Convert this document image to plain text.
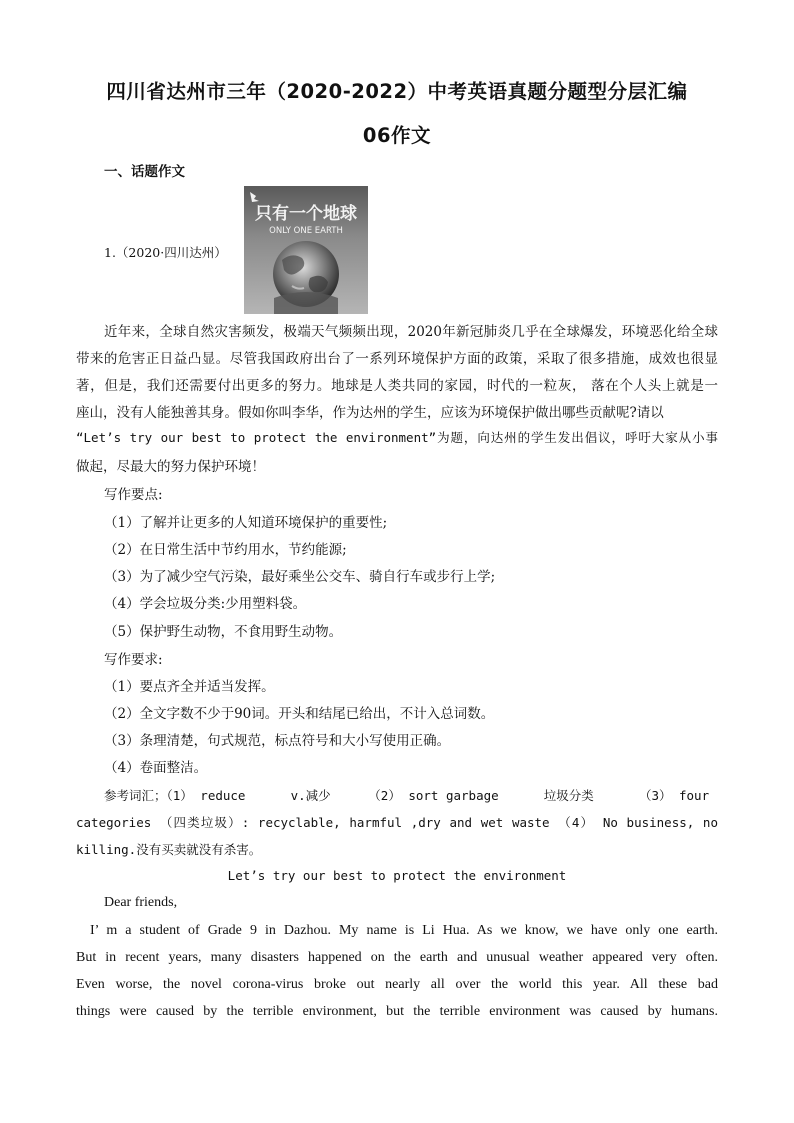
四川省达州市三年（2020-2022）中考英语真题分题型分层汇编
06作文
一、话题作文
1.（2020·四川达州）
只有一个地球
ONLY ONE EARTH
近年来，全球自然灾害频发，极端天气频频出现，2020年新冠肺炎几乎在全球爆发，环境恶化给全球
带来的危害正日益凸显。尽管我国政府出台了一系列环境保护方面的政策，采取了很多措施，成效也很显
著，但是，我们还需要付出更多的努力。地球是人类共同的家园，时代的一粒灰， 落在个人头上就是一
座山，没有人能独善其身。假如你叫李华，作为达州的学生，应该为环境保护做出哪些贡献呢?请以
“Let’s try our best to protect the environment”为题，向达州的学生发出倡议，呼吁大家从小事
做起，尽最大的努力保护环境！
写作要点:
（1）了解并让更多的人知道环境保护的重要性;
（2）在日常生活中节约用水，节约能源;
（3）为了减少空气污染，最好乘坐公交车、骑自行车或步行上学;
（4）学会垃圾分类:少用塑料袋。
（5）保护野生动物，不食用野生动物。
写作要求:
（1）要点齐全并适当发挥。
（2）全文字数不少于90词。开头和结尾已给出，不计入总词数。
（3）条理清楚，句式规范，标点符号和大小写使用正确。
（4）卷面整洁。
参考词汇；（1） reduce      v.减少     （2） sort garbage      垃圾分类      （3） four
categories （四类垃圾）: recyclable, harmful ,dry and wet waste （4） No business, no
killing.没有买卖就没有杀害。
Let’s try our best to protect the environment
Dear friends,
I’ m a student of Grade 9 in Dazhou. My name is Li Hua. As we know, we have only one earth.
But in recent years, many disasters happened on the earth and unusual weather appeared very often.
Even worse, the novel corona-virus broke out nearly all over the world this year. All these bad
things were caused by the terrible environment, but the terrible environment was caused by humans.
